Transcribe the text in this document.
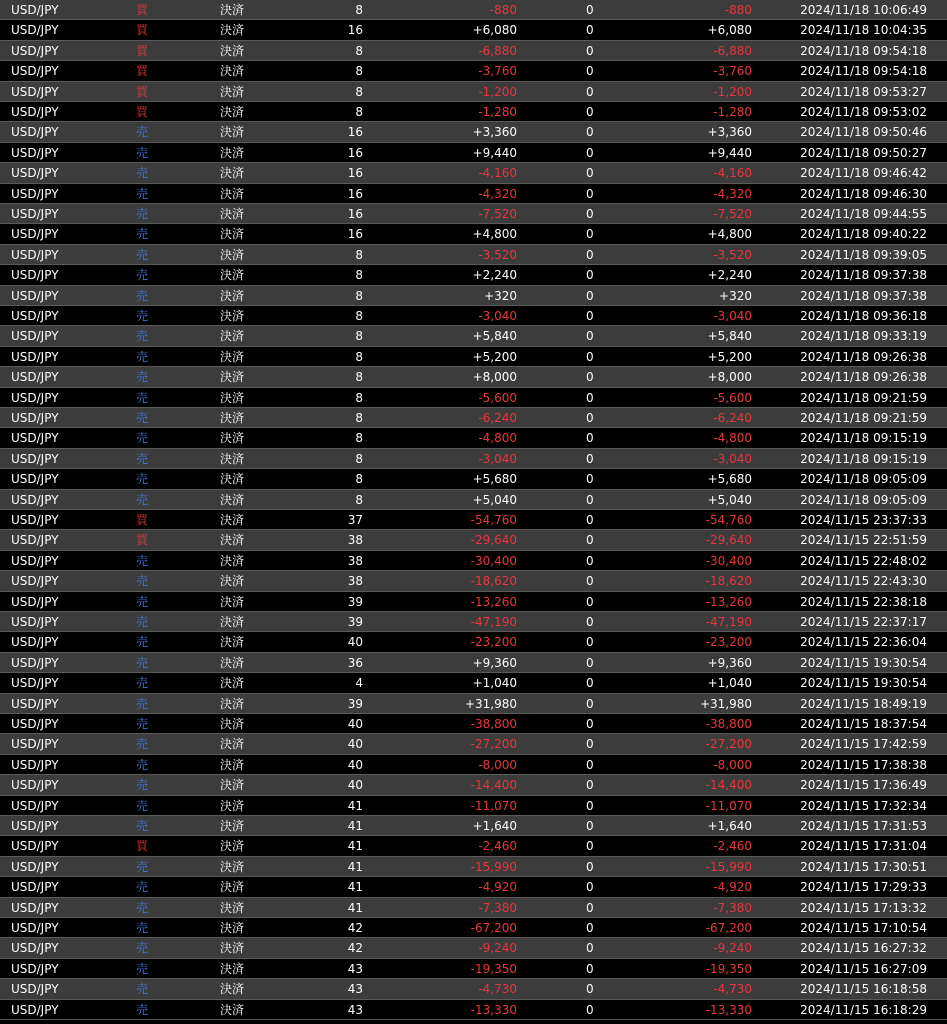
USD/JPY	買	決済	8	-880	0	-880	2024/11/18 10:06:49
USD/JPY	買	決済	16	+6,080	0	+6,080	2024/11/18 10:04:35
USD/JPY	買	決済	8	-6,880	0	-6,880	2024/11/18 09:54:18
USD/JPY	買	決済	8	-3,760	0	-3,760	2024/11/18 09:54:18
USD/JPY	買	決済	8	-1,200	0	-1,200	2024/11/18 09:53:27
USD/JPY	買	決済	8	-1,280	0	-1,280	2024/11/18 09:53:02
USD/JPY	売	決済	16	+3,360	0	+3,360	2024/11/18 09:50:46
USD/JPY	売	決済	16	+9,440	0	+9,440	2024/11/18 09:50:27
USD/JPY	売	決済	16	-4,160	0	-4,160	2024/11/18 09:46:42
USD/JPY	売	決済	16	-4,320	0	-4,320	2024/11/18 09:46:30
USD/JPY	売	決済	16	-7,520	0	-7,520	2024/11/18 09:44:55
USD/JPY	売	決済	16	+4,800	0	+4,800	2024/11/18 09:40:22
USD/JPY	売	決済	8	-3,520	0	-3,520	2024/11/18 09:39:05
USD/JPY	売	決済	8	+2,240	0	+2,240	2024/11/18 09:37:38
USD/JPY	売	決済	8	+320	0	+320	2024/11/18 09:37:38
USD/JPY	売	決済	8	-3,040	0	-3,040	2024/11/18 09:36:18
USD/JPY	売	決済	8	+5,840	0	+5,840	2024/11/18 09:33:19
USD/JPY	売	決済	8	+5,200	0	+5,200	2024/11/18 09:26:38
USD/JPY	売	決済	8	+8,000	0	+8,000	2024/11/18 09:26:38
USD/JPY	売	決済	8	-5,600	0	-5,600	2024/11/18 09:21:59
USD/JPY	売	決済	8	-6,240	0	-6,240	2024/11/18 09:21:59
USD/JPY	売	決済	8	-4,800	0	-4,800	2024/11/18 09:15:19
USD/JPY	売	決済	8	-3,040	0	-3,040	2024/11/18 09:15:19
USD/JPY	売	決済	8	+5,680	0	+5,680	2024/11/18 09:05:09
USD/JPY	売	決済	8	+5,040	0	+5,040	2024/11/18 09:05:09
USD/JPY	買	決済	37	-54,760	0	-54,760	2024/11/15 23:37:33
USD/JPY	買	決済	38	-29,640	0	-29,640	2024/11/15 22:51:59
USD/JPY	売	決済	38	-30,400	0	-30,400	2024/11/15 22:48:02
USD/JPY	売	決済	38	-18,620	0	-18,620	2024/11/15 22:43:30
USD/JPY	売	決済	39	-13,260	0	-13,260	2024/11/15 22:38:18
USD/JPY	売	決済	39	-47,190	0	-47,190	2024/11/15 22:37:17
USD/JPY	売	決済	40	-23,200	0	-23,200	2024/11/15 22:36:04
USD/JPY	売	決済	36	+9,360	0	+9,360	2024/11/15 19:30:54
USD/JPY	売	決済	4	+1,040	0	+1,040	2024/11/15 19:30:54
USD/JPY	売	決済	39	+31,980	0	+31,980	2024/11/15 18:49:19
USD/JPY	売	決済	40	-38,800	0	-38,800	2024/11/15 18:37:54
USD/JPY	売	決済	40	-27,200	0	-27,200	2024/11/15 17:42:59
USD/JPY	売	決済	40	-8,000	0	-8,000	2024/11/15 17:38:38
USD/JPY	売	決済	40	-14,400	0	-14,400	2024/11/15 17:36:49
USD/JPY	売	決済	41	-11,070	0	-11,070	2024/11/15 17:32:34
USD/JPY	売	決済	41	+1,640	0	+1,640	2024/11/15 17:31:53
USD/JPY	買	決済	41	-2,460	0	-2,460	2024/11/15 17:31:04
USD/JPY	売	決済	41	-15,990	0	-15,990	2024/11/15 17:30:51
USD/JPY	売	決済	41	-4,920	0	-4,920	2024/11/15 17:29:33
USD/JPY	売	決済	41	-7,380	0	-7,380	2024/11/15 17:13:32
USD/JPY	売	決済	42	-67,200	0	-67,200	2024/11/15 17:10:54
USD/JPY	売	決済	42	-9,240	0	-9,240	2024/11/15 16:27:32
USD/JPY	売	決済	43	-19,350	0	-19,350	2024/11/15 16:27:09
USD/JPY	売	決済	43	-4,730	0	-4,730	2024/11/15 16:18:58
USD/JPY	売	決済	43	-13,330	0	-13,330	2024/11/15 16:18:29
